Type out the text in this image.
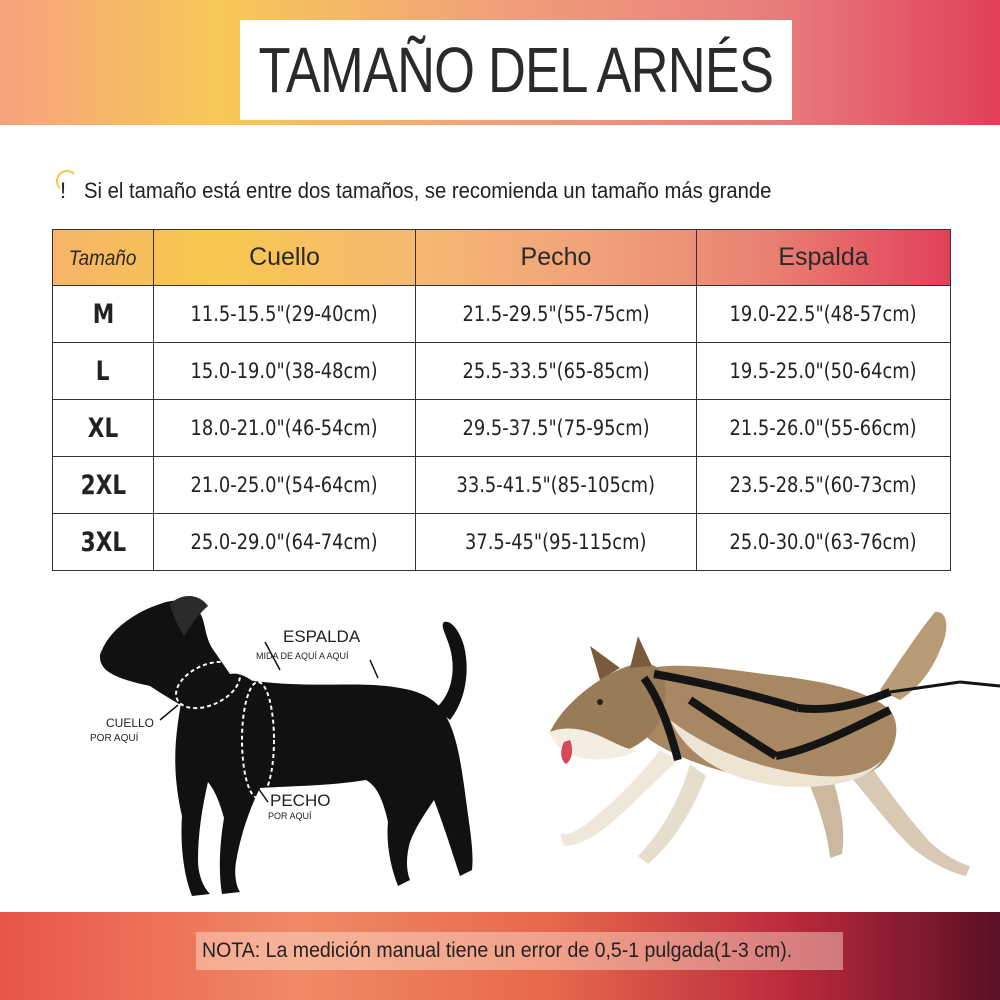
TAMAÑO DEL ARNÉS
! Si el tamaño está entre dos tamaños, se recomienda un tamaño más grande
Tamaño	Cuello	Pecho	Espalda
M	11.5-15.5"(29-40cm)	21.5-29.5"(55-75cm)	19.0-22.5"(48-57cm)
L	15.0-19.0"(38-48cm)	25.5-33.5"(65-85cm)	19.5-25.0"(50-64cm)
XL	18.0-21.0"(46-54cm)	29.5-37.5"(75-95cm)	21.5-26.0"(55-66cm)
2XL	21.0-25.0"(54-64cm)	33.5-41.5"(85-105cm)	23.5-28.5"(60-73cm)
3XL	25.0-29.0"(64-74cm)	37.5-45"(95-115cm)	25.0-30.0"(63-76cm)
ESPALDA
MIDA DE AQUÍ A AQUÍ
CUELLO
POR AQUÍ
PECHO
POR AQUÍ
NOTA: La medición manual tiene un error de 0,5-1 pulgada(1-3 cm).
